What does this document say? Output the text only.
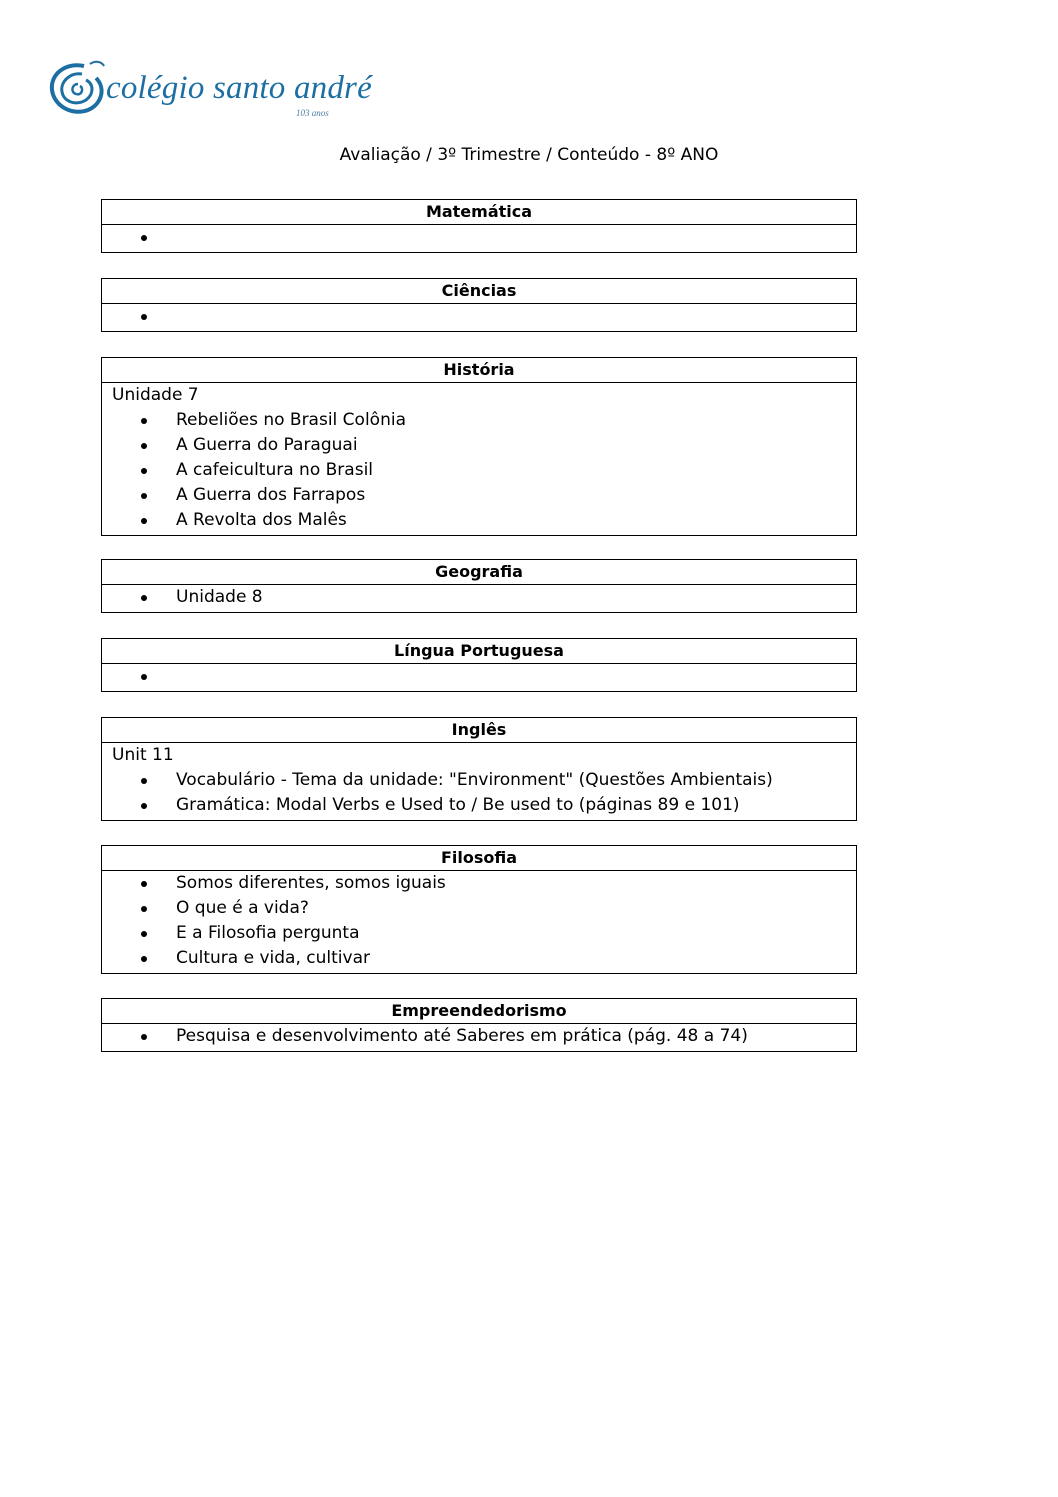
colégio santo andré
103 anos
Avaliação / 3º Trimestre / Conteúdo - 8º ANO
Matemática
Ciências
História
Unidade 7
Rebeliões no Brasil Colônia
A Guerra do Paraguai
A cafeicultura no Brasil
A Guerra dos Farrapos
A Revolta dos Malês
Geografia
Unidade 8
Língua Portuguesa
Inglês
Unit 11
Vocabulário - Tema da unidade: "Environment" (Questões Ambientais)
Gramática: Modal Verbs e Used to / Be used to (páginas 89 e 101)
Filosofia
Somos diferentes, somos iguais
O que é a vida?
E a Filosofia pergunta
Cultura e vida, cultivar
Empreendedorismo
Pesquisa e desenvolvimento até Saberes em prática (pág. 48 a 74)
